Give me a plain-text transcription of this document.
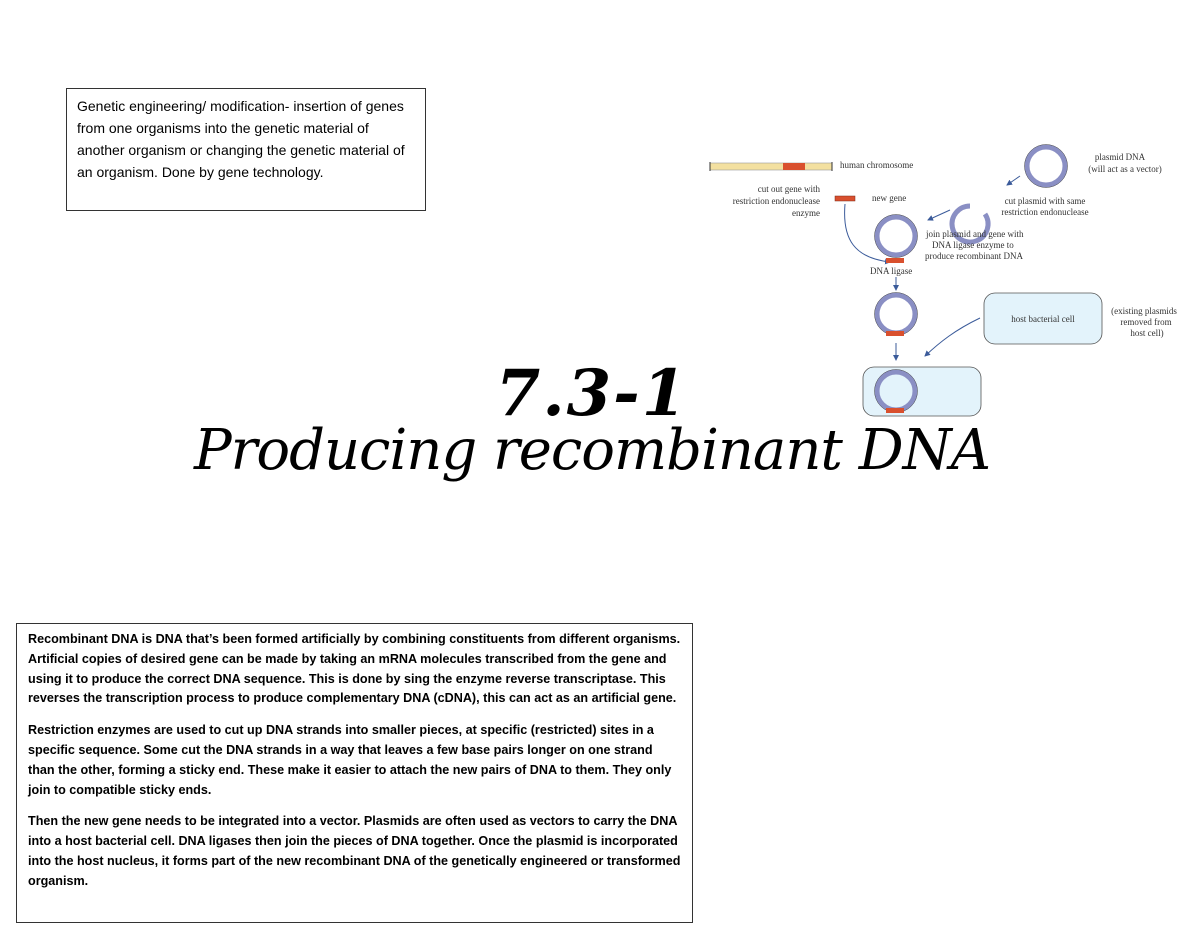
Genetic engineering/ modification- insertion of genes from one organisms into the genetic material of another organism or changing the genetic material of an organism. Done by gene technology.
7.3-1
Producing recombinant DNA
human chromosome
cut out gene with
restriction endonuclease
enzyme
new gene
plasmid DNA
(will act as a vector)
cut plasmid with same
restriction endonuclease
join plasmid and gene with
DNA ligase enzyme to
produce recombinant DNA
DNA ligase
host bacterial cell
(existing plasmids
removed from
host cell)

Recombinant DNA is DNA that’s been formed artificially by combining constituents from different organisms. Artificial copies of desired gene can be made by taking an mRNA molecules transcribed from the gene and using it to produce the correct DNA sequence. This is done by sing the enzyme reverse transcriptase. This reverses the transcription process to produce complementary DNA (cDNA), this can act as an artificial gene.

Restriction enzymes are used to cut up DNA strands into smaller pieces, at specific (restricted) sites in a specific sequence. Some cut the DNA strands in a way that leaves a few base pairs longer on one strand than the other, forming a sticky end. These make it easier to attach the new pairs of DNA to them. They only join to compatible sticky ends.

Then the new gene needs to be integrated into a vector. Plasmids are often used as vectors to carry the DNA into a host bacterial cell. DNA ligases then join the pieces of DNA together. Once the plasmid is incorporated into the host nucleus, it forms part of the new recombinant DNA of the genetically engineered or transformed organism.
